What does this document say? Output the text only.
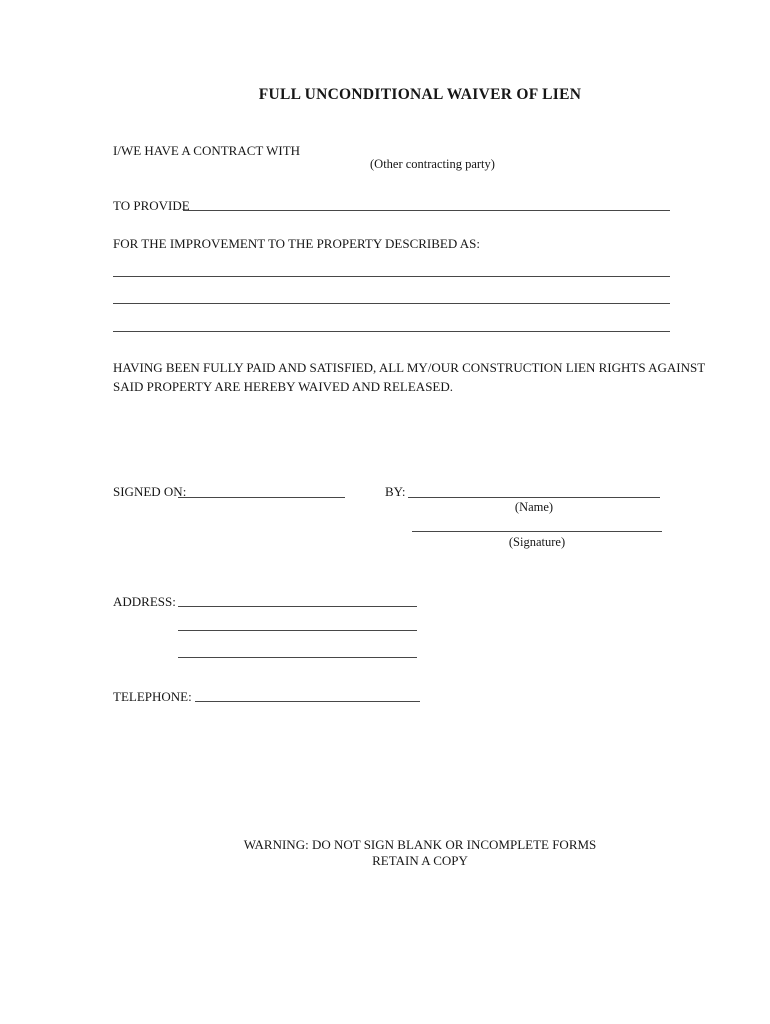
FULL UNCONDITIONAL WAIVER OF LIEN
I/WE HAVE A CONTRACT WITH
(Other contracting party)
TO PROVIDE
FOR THE IMPROVEMENT TO THE PROPERTY DESCRIBED AS:
HAVING BEEN FULLY PAID AND SATISFIED, ALL MY/OUR CONSTRUCTION LIEN RIGHTS AGAINST SAID PROPERTY ARE HEREBY WAIVED AND RELEASED.
SIGNED ON:	BY:
(Name)
(Signature)
ADDRESS:
TELEPHONE:
WARNING: DO NOT SIGN BLANK OR INCOMPLETE FORMS
RETAIN A COPY
